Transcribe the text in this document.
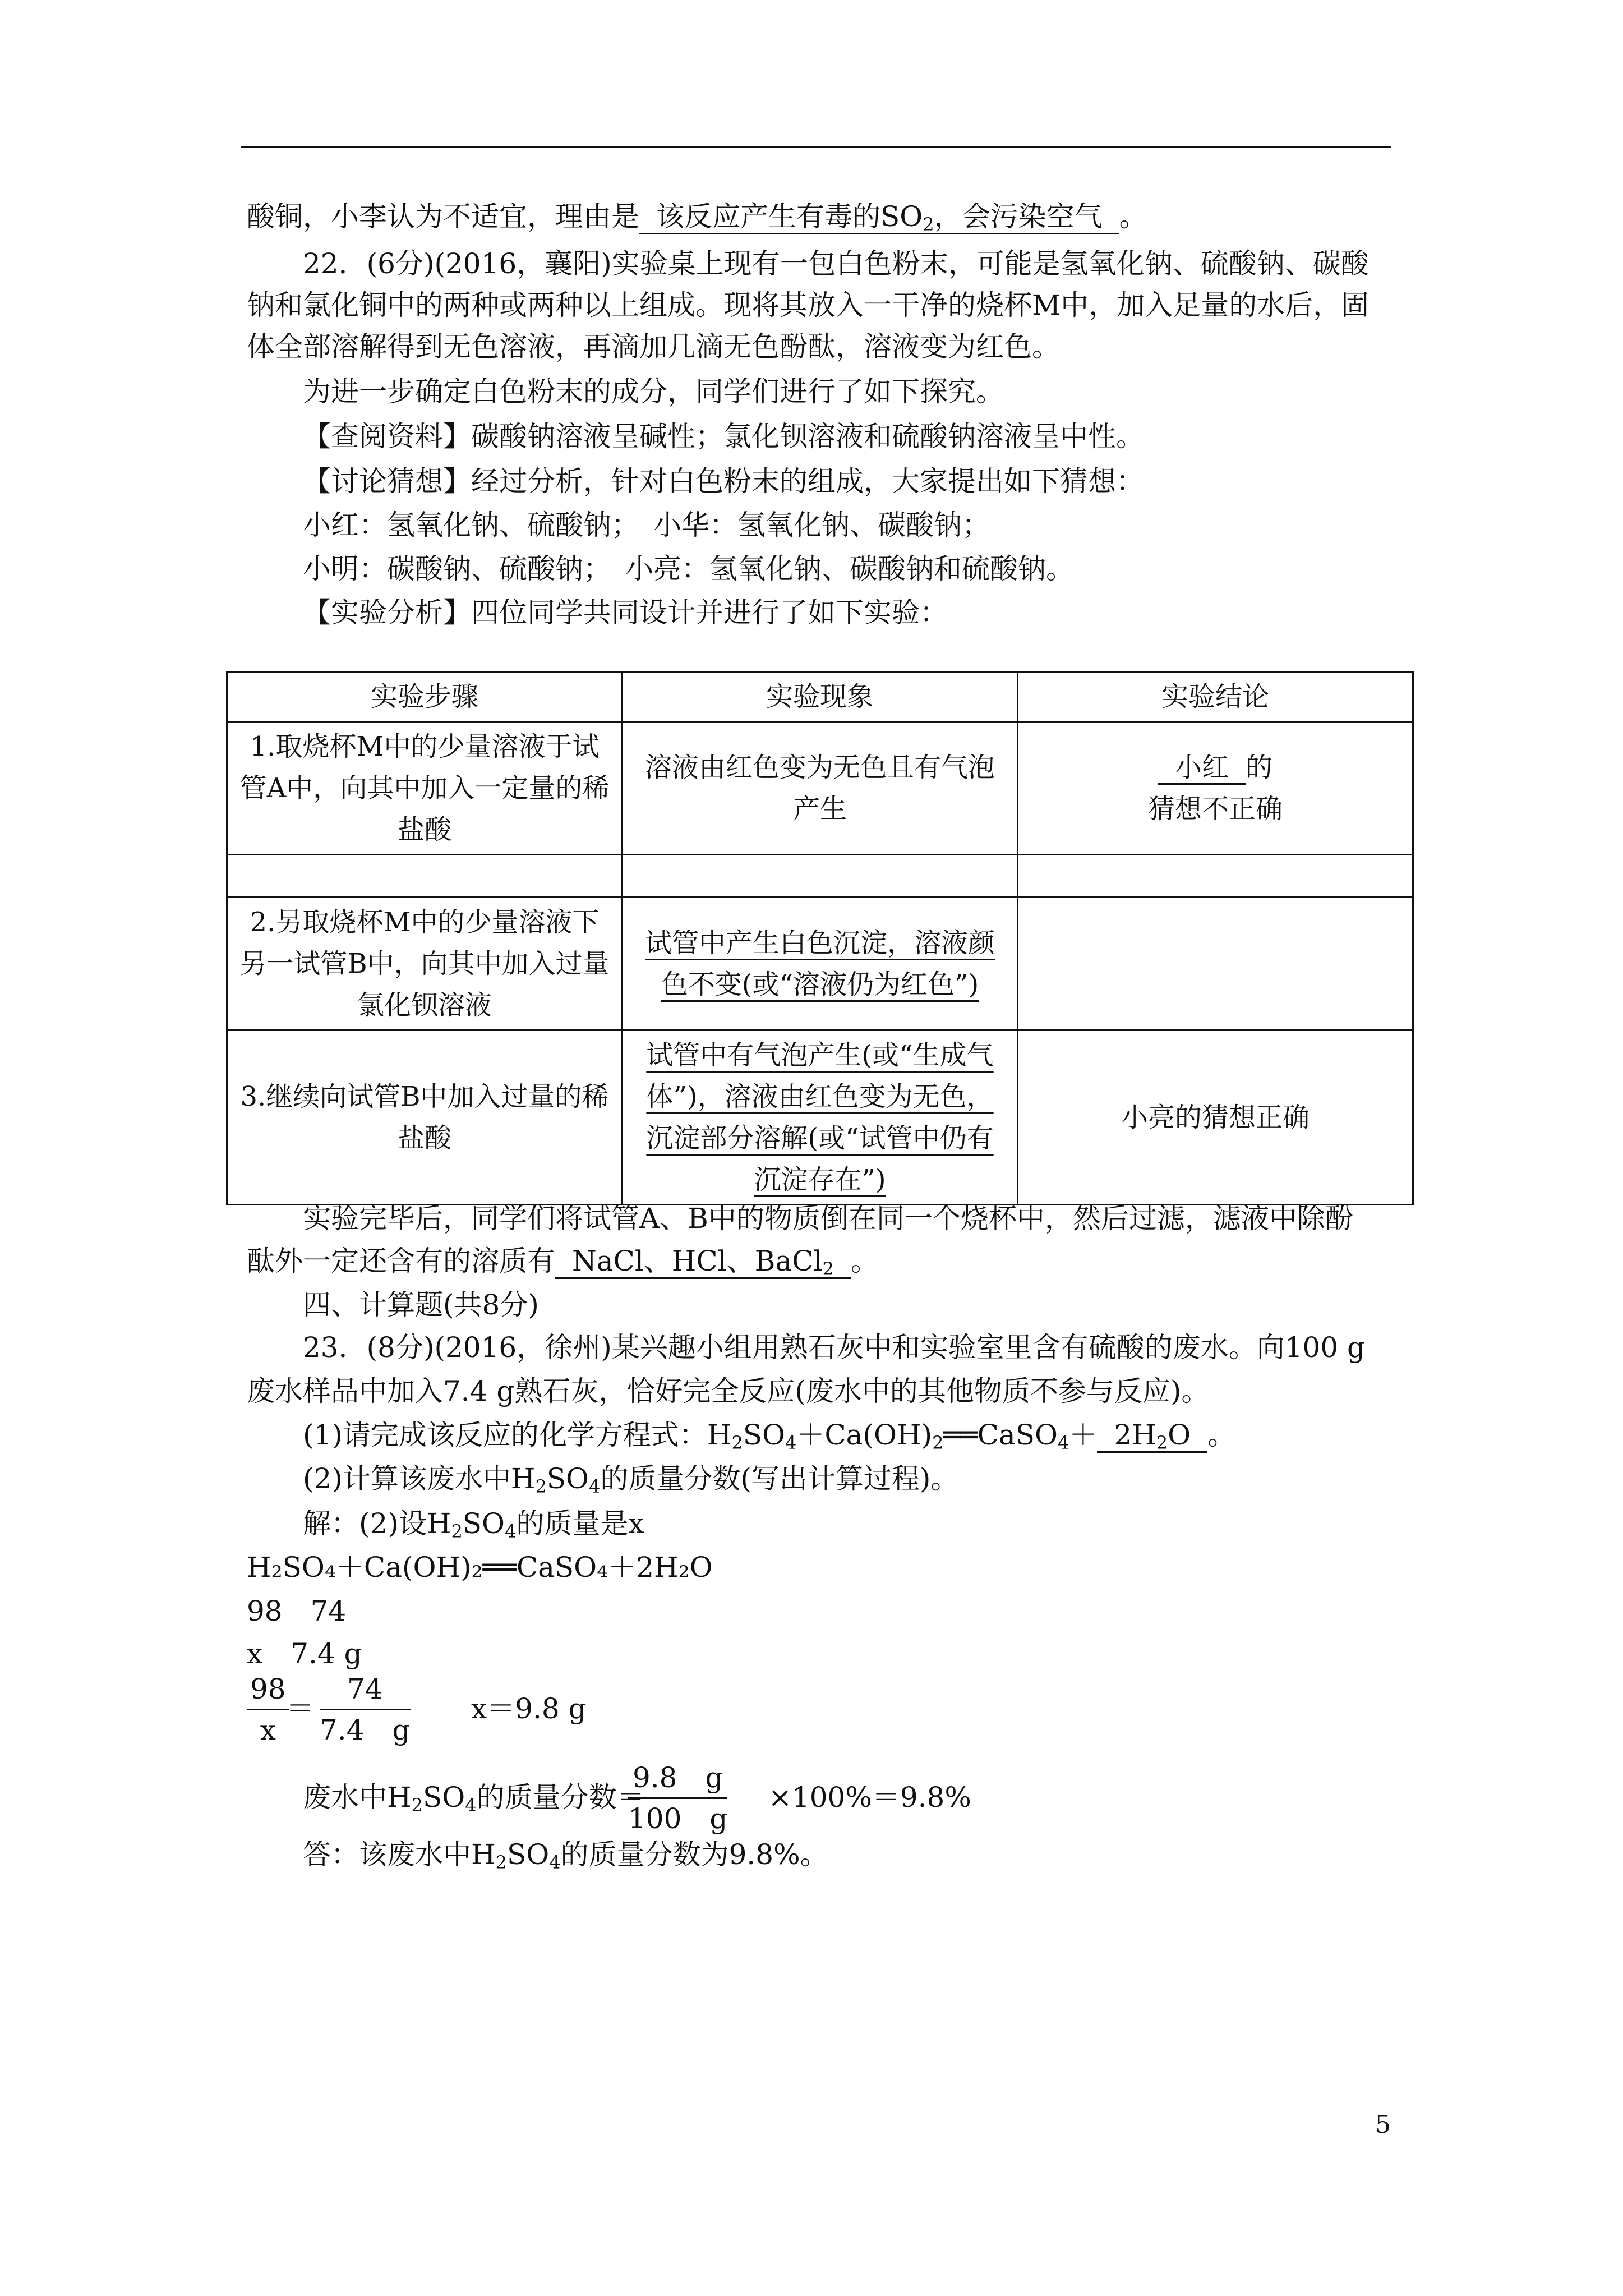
酸铜，小李认为不适宜，理由是 该反应产生有毒的$SO_2$，会污染空气 。
22．(6分)(2016，襄阳)实验桌上现有一包白色粉末，可能是氢氧化钠、硫酸钠、碳酸
钠和氯化铜中的两种或两种以上组成。现将其放入一干净的烧杯M中，加入足量的水后，固
体全部溶解得到无色溶液，再滴加几滴无色酚酞，溶液变为红色。
为进一步确定白色粉末的成分，同学们进行了如下探究。
【查阅资料】碳酸钠溶液呈碱性；氯化钡溶液和硫酸钠溶液呈中性。
【讨论猜想】经过分析，针对白色粉末的组成，大家提出如下猜想：
小红：氢氧化钠、硫酸钠；　小华：氢氧化钠、碳酸钠；
小明：碳酸钠、硫酸钠；　小亮：氢氧化钠、碳酸钠和硫酸钠。
【实验分析】四位同学共同设计并进行了如下实验：
实验步骤	实验现象	实验结论
1.取烧杯M中的少量溶液于试管A中，向其中加入一定量的稀盐酸	溶液由红色变为无色且有气泡产生	小红 的
猜想不正确

2.另取烧杯M中的少量溶液下另一试管B中，向其中加入过量氯化钡溶液	试管中产生白色沉淀，溶液颜色不变(或“溶液仍为红色”)	
3.继续向试管B中加入过量的稀盐酸	试管中有气泡产生(或“生成气体”)，溶液由红色变为无色，沉淀部分溶解(或“试管中仍有沉淀存在”)	小亮的猜想正确
实验完毕后，同学们将试管A、B中的物质倒在同一个烧杯中，然后过滤，滤液中除酚
酞外一定还含有的溶质有 NaCl、HCl、BaCl$_2$ 。
四、计算题(共8分)
23．(8分)(2016，徐州)某兴趣小组用熟石灰中和实验室里含有硫酸的废水。向100 g
废水样品中加入7.4 g熟石灰，恰好完全反应(废水中的其他物质不参与反应)。
(1)请完成该反应的化学方程式：$H_2SO_4+Ca(OH)_2══CaSO_4+ 2H_2O$ 。
(2)计算该废水中$H_2SO_4$的质量分数(写出计算过程)。
解：(2)设$H_2SO_4$的质量是x
H₂SO₄＋Ca(OH)₂══CaSO₄＋2H₂O
98　74
x　7.4 g
$\frac{98}{x}$
＝ $\frac{74}{7.4 g} x=9.8$ g
废水中$H_2SO_4$的质量分数＝
$\frac{9.8 g}{100 g} \times 100\%=9.8\%$
答：该废水中$H_2SO_4$的质量分数为9.8%。
5
